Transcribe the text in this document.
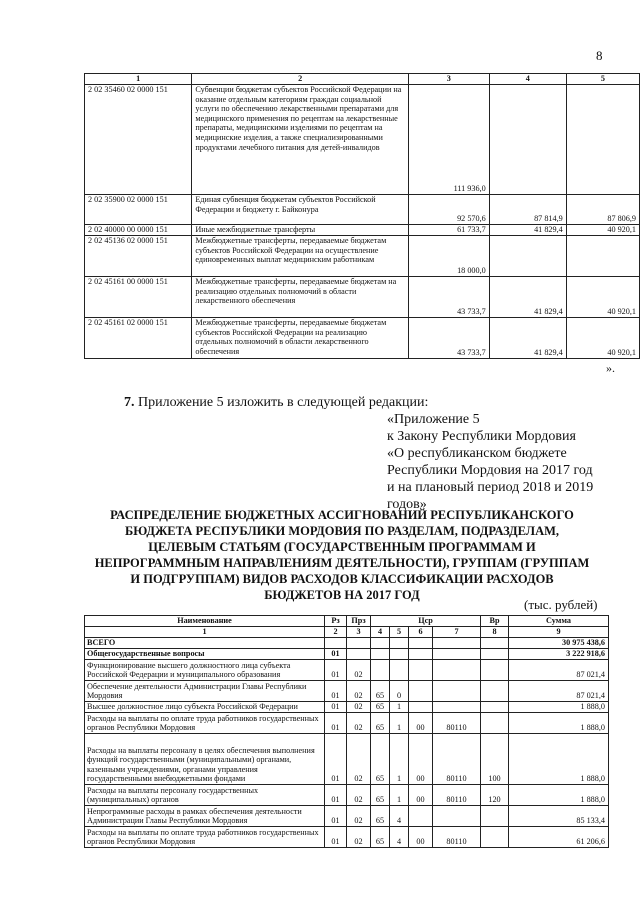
8
1	2	3	4	5
2 02 35460 02 0000 151	Субвенции бюджетам субъектов Российской Федерации на оказание отдельным категориям граждан социальной услуги по обеспечению лекарственными препаратами для медицинского применения по рецептам на лекарственные препараты, медицинскими изделиями по рецептам на медицинские изделия, а также специализированными продуктами лечебного питания для детей-инвалидов	111 936,0		
2 02 35900 02 0000 151	Единая субвенция бюджетам субъектов Российской Федерации и бюджету г. Байконура	92 570,6	87 814,9	87 806,9
2 02 40000 00 0000 151	Иные межбюджетные трансферты	61 733,7	41 829,4	40 920,1
2 02 45136 02 0000 151	Межбюджетные трансферты, передаваемые бюджетам субъектов Российской Федерации на осуществление единовременных выплат медицинским работникам	18 000,0		
2 02 45161 00 0000 151	Межбюджетные трансферты, передаваемые бюджетам на реализацию отдельных полномочий в области лекарственного обеспечения	43 733,7	41 829,4	40 920,1
2 02 45161 02 0000 151	Межбюджетные трансферты, передаваемые бюджетам субъектов Российской Федерации на реализацию отдельных полномочий в области лекарственного обеспечения	43 733,7	41 829,4	40 920,1
».
7. Приложение 5 изложить в следующей редакции:
«Приложение 5
к Закону Республики Мордовия
«О республиканском бюджете
Республики Мордовия на 2017 год
и на плановый период 2018 и 2019
годов»
РАСПРЕДЕЛЕНИЕ БЮДЖЕТНЫХ АССИГНОВАНИЙ РЕСПУБЛИКАНСКОГО
БЮДЖЕТА РЕСПУБЛИКИ МОРДОВИЯ ПО РАЗДЕЛАМ, ПОДРАЗДЕЛАМ,
ЦЕЛЕВЫМ СТАТЬЯМ (ГОСУДАРСТВЕННЫМ ПРОГРАММАМ И
НЕПРОГРАММНЫМ НАПРАВЛЕНИЯМ ДЕЯТЕЛЬНОСТИ), ГРУППАМ (ГРУППАМ
И ПОДГРУППАМ) ВИДОВ РАСХОДОВ КЛАССИФИКАЦИИ РАСХОДОВ
БЮДЖЕТОВ НА 2017 ГОД
(тыс. рублей)
Наименование	Рз	Прз	Цср				Вр	Сумма
1	2	3	4	5	6	7	8	9
ВСЕГО								30 975 438,6
Общегосударственные вопросы	01							3 222 918,6
Функционирование высшего должностного лица субъекта Российской Федерации и муниципального образования	01	02						87 021,4
Обеспечение деятельности Администрации Главы Республики Мордовия	01	02	65	0				87 021,4
Высшее должностное лицо субъекта Российской Федерации	01	02	65	1				1 888,0
Расходы на выплаты по оплате труда работников государственных органов Республики Мордовия	01	02	65	1	00	80110		1 888,0
Расходы на выплаты персоналу в целях обеспечения выполнения функций государственными (муниципальными) органами, казенными учреждениями, органами управления государственными внебюджетными фондами	01	02	65	1	00	80110	100	1 888,0
Расходы на выплаты персоналу государственных (муниципальных) органов	01	02	65	1	00	80110	120	1 888,0
Непрограммные расходы в рамках обеспечения деятельности Администрации Главы Республики Мордовия	01	02	65	4				85 133,4
Расходы на выплаты по оплате труда работников государственных органов Республики Мордовия	01	02	65	4	00	80110		61 206,6
